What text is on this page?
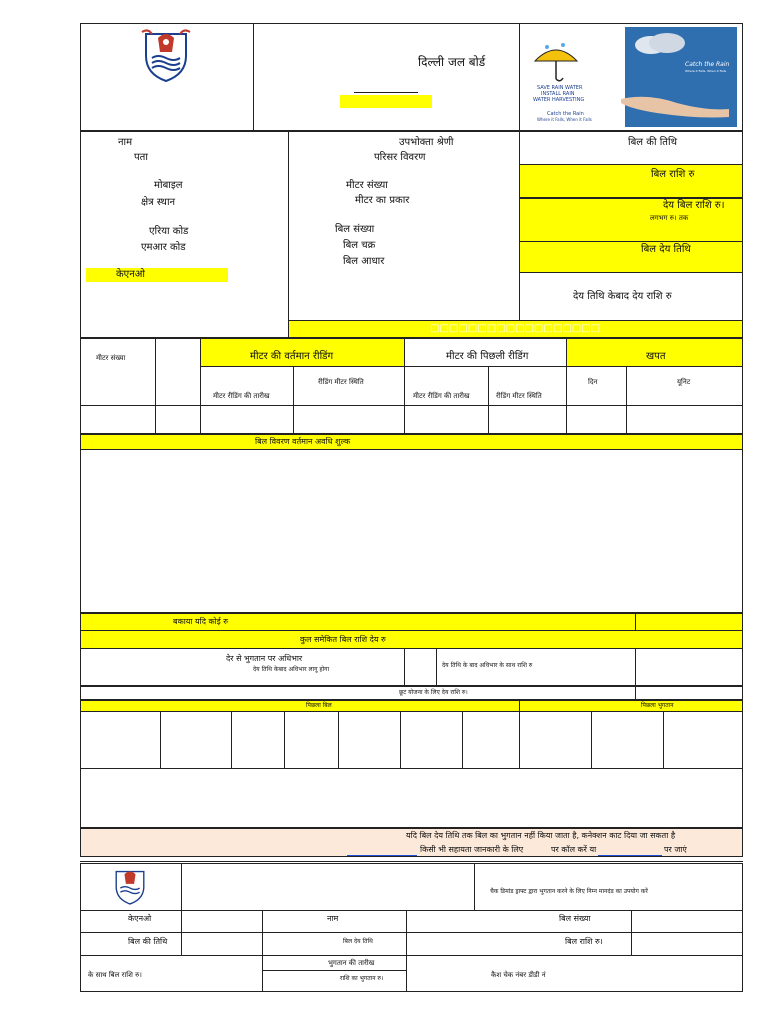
दिल्ली जल बोर्ड
SAVE RAIN WATER
INSTALL RAIN
WATER HARVESTING
Catch the Rain
Where it Falls, When it Falls
Catch the Rain
Where it Falls, When it Falls
नाम
पता
मोबाइल
क्षेत्र स्थान
एरिया कोड
एमआर कोड
केएनओ
उपभोक्ता श्रेणी
परिसर विवरण
मीटर संख्या
मीटर का प्रकार
बिल संख्या
बिल चक्र
बिल आधार
बिल की तिथि
बिल राशि रु
देय बिल राशि रु।
लगभग रु। तक
बिल देय तिथि
देय तिथि केबाद देय राशि रु
□□□□□□□□□□□□□□□□□□
मीटर संख्या	मीटर की वर्तमान रीडिंग	मीटर की पिछली रीडिंग	खपत
मीटर रीडिंग की तारीख
रीडिंग मीटर स्थिति
मीटर रीडिंग की तारीख	रीडिंग मीटर स्थिति
दिन	यूनिट
बिल विवरण वर्तमान अवधि शुल्क
बकाया यदि कोई रु
कुल समेकित बिल राशि देय रु
देर से भुगतान पर अधिभार
देय तिथि केबाद अधिभार लागू होगा
देय तिथि के बाद अधिभार के साथ राशि रु
छूट योजना के लिए देय राशि रु।
पिछला बिल	पिछला भुगतान
यदि बिल देय तिथि तक बिल का भुगतान नहीं किया जाता है, कनेक्शन काट दिया जा सकता है
किसी भी सहायता जानकारी के लिए	पर कॉल करें या	पर जाएं
चैक डिमांड ड्राफ्ट द्वारा भुगतान करने के लिए निम्न मानदंड का उपयोग करें
केएनओ	नाम	बिल संख्या
बिल की तिथि	बिल देय तिथि	बिल राशि रु।
के साथ बिल राशि रु।
भुगतान की तारीख
राशि का भुगतान रु।	कैश चेक नंबर डीडी नं
